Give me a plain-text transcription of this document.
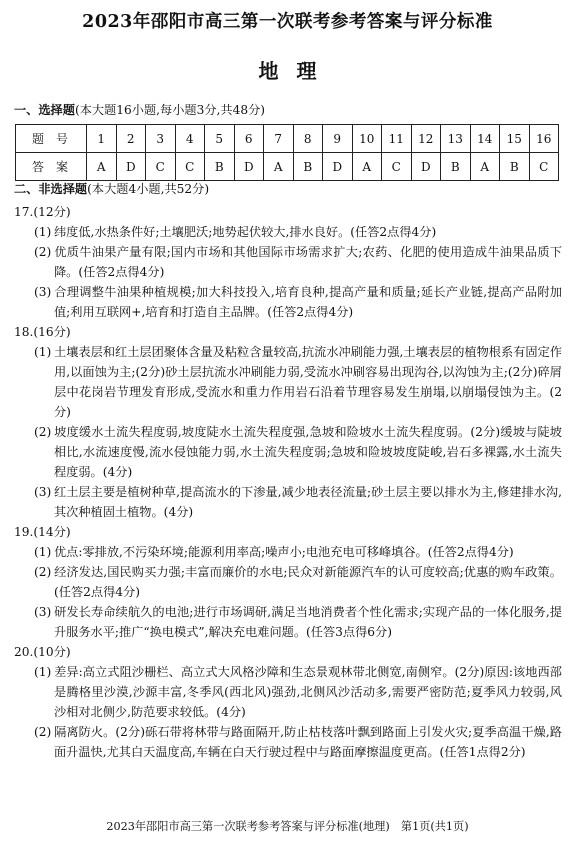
2023年邵阳市高三第一次联考参考答案与评分标准
地理
一、选择题(本大题16小题,每小题3分,共48分)
题号	1	2	3	4	5	6	7	8	9	10	11	12	13	14	15	16
答案	A	D	C	C	B	D	A	B	D	A	C	D	B	A	B	C
二、非选择题(本大题4小题,共52分)

17.(12分)

(1) 纬度低,水热条件好;土壤肥沃;地势起伏较大,排水良好。(任答2点得4分)

(2) 优质牛油果产量有限;国内市场和其他国际市场需求扩大;农药、化肥的使用造成牛油果品质下降。(任答2点得4分)

(3) 合理调整牛油果种植规模;加大科技投入,培育良种,提高产量和质量;延长产业链,提高产品附加值;利用互联网+,培育和打造自主品牌。(任答2点得4分)

18.(16分)

(1) 土壤表层和红土层团聚体含量及粘粒含量较高,抗流水冲刷能力强,土壤表层的植物根系有固定作用,以面蚀为主;(2分)砂土层抗流水冲刷能力弱,受流水冲刷容易出现沟谷,以沟蚀为主;(2分)碎屑层中花岗岩节理发育形成,受流水和重力作用岩石沿着节理容易发生崩塌,以崩塌侵蚀为主。(2分)

(2) 坡度缓水土流失程度弱,坡度陡水土流失程度强,急坡和险坡水土流失程度弱。(2分)缓坡与陡坡相比,水流速度慢,流水侵蚀能力弱,水土流失程度弱;急坡和险坡坡度陡峻,岩石多裸露,水土流失程度弱。(4分)

(3) 红土层主要是植树种草,提高流水的下渗量,减少地表径流量;砂土层主要以排水为主,修建排水沟,其次种植固土植物。(4分)

19.(14分)

(1) 优点:零排放,不污染环境;能源利用率高;噪声小;电池充电可移峰填谷。(任答2点得4分)

(2) 经济发达,国民购买力强;丰富而廉价的水电;民众对新能源汽车的认可度较高;优惠的购车政策。(任答2点得4分)

(3) 研发长寿命续航久的电池;进行市场调研,满足当地消费者个性化需求;实现产品的一体化服务,提升服务水平;推广“换电模式”,解决充电难问题。(任答3点得6分)

20.(10分)

(1) 差异:高立式阻沙栅栏、高立式大风格沙障和生态景观林带北侧宽,南侧窄。(2分)原因:该地西部是腾格里沙漠,沙源丰富,冬季风(西北风)强劲,北侧风沙活动多,需要严密防范;夏季风力较弱,风沙相对北侧少,防范要求较低。(4分)

(2) 隔离防火。(2分)砾石带将林带与路面隔开,防止枯枝落叶飘到路面上引发火灾;夏季高温干燥,路面升温快,尤其白天温度高,车辆在白天行驶过程中与路面摩擦温度更高。(任答1点得2分)

2023年邵阳市高三第一次联考参考答案与评分标准(地理)　第1页(共1页)
